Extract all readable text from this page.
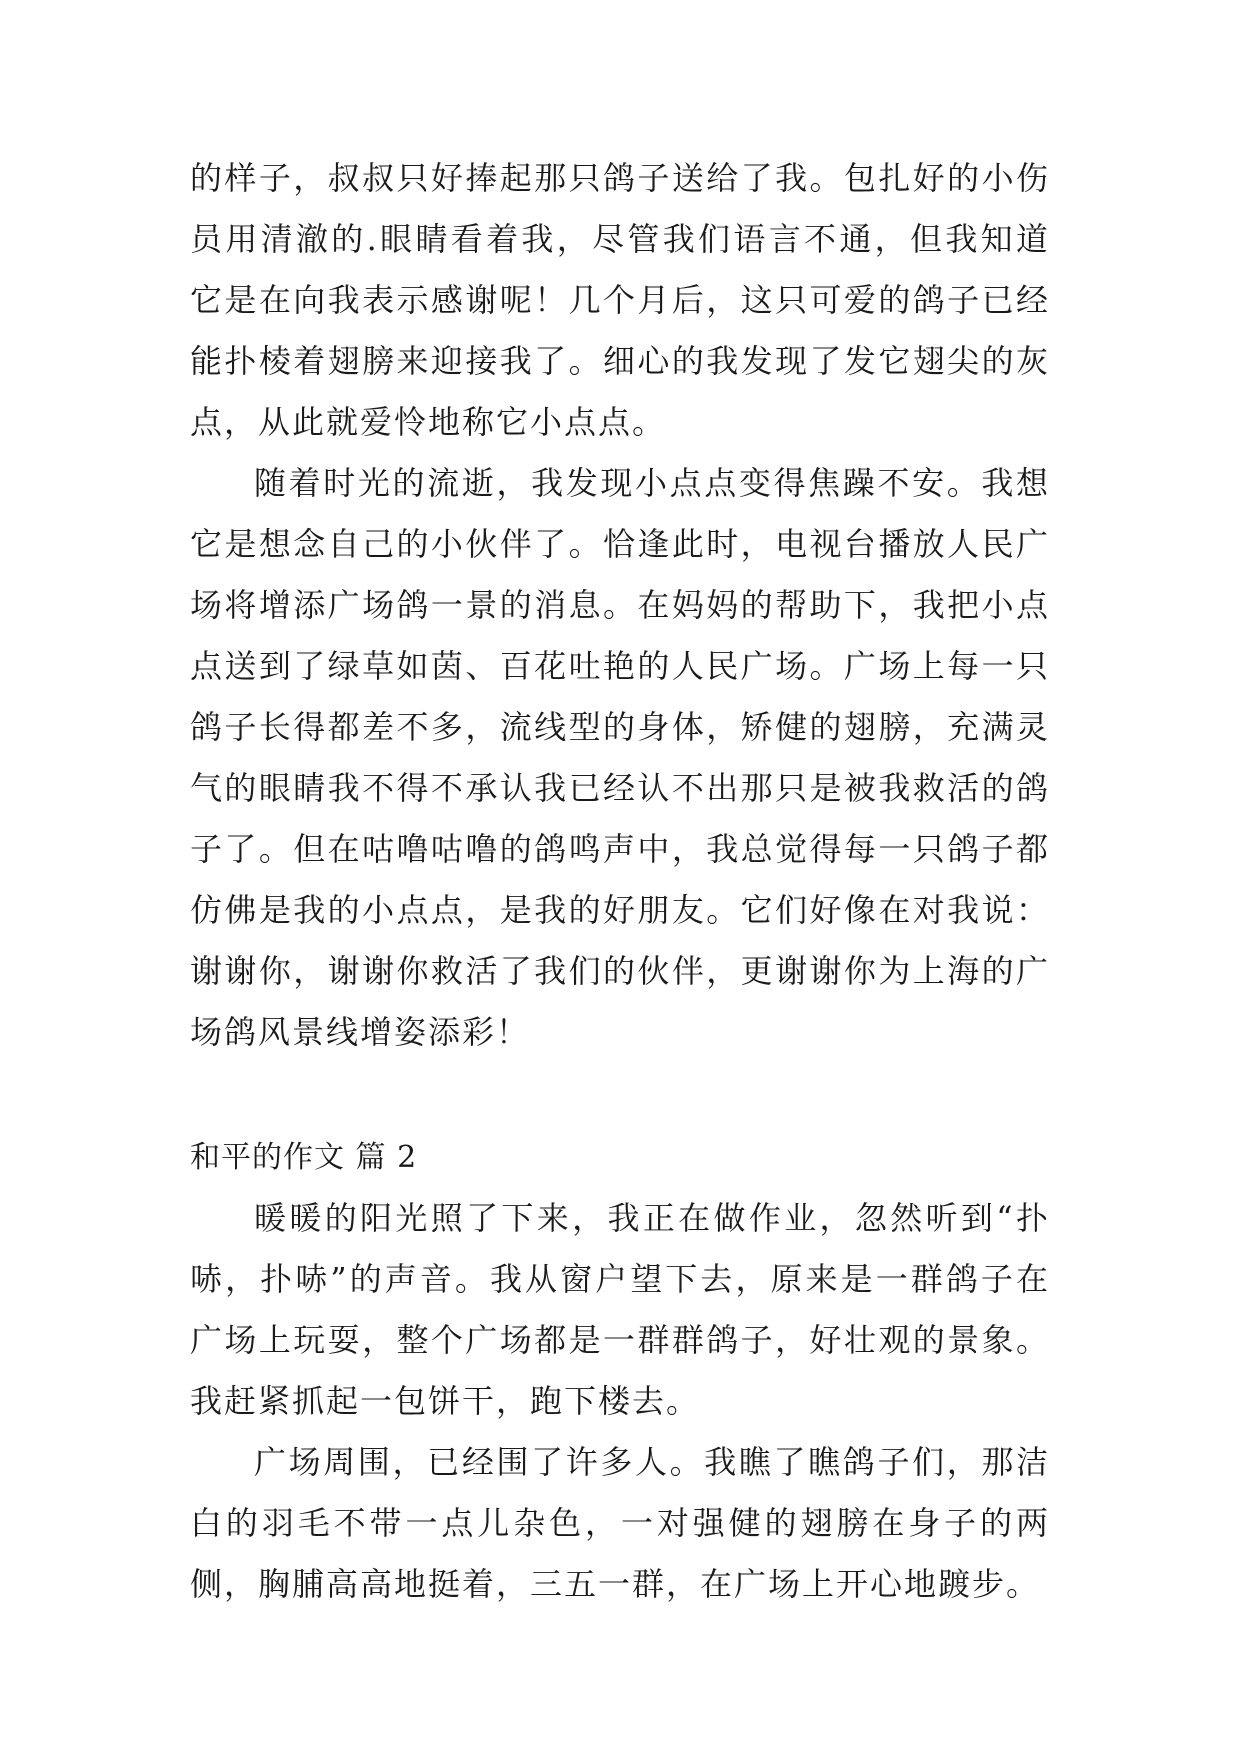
的样子，叔叔只好捧起那只鸽子送给了我。包扎好的小伤员用清澈的.眼睛看着我，尽管我们语言不通，但我知道它是在向我表示感谢呢！几个月后，这只可爱的鸽子已经能扑棱着翅膀来迎接我了。细心的我发现了发它翅尖的灰点，从此就爱怜地称它小点点。

随着时光的流逝，我发现小点点变得焦躁不安。我想它是想念自己的小伙伴了。恰逢此时，电视台播放人民广场将增添广场鸽一景的消息。在妈妈的帮助下，我把小点点送到了绿草如茵、百花吐艳的人民广场。广场上每一只鸽子长得都差不多，流线型的身体，矫健的翅膀，充满灵气的眼睛我不得不承认我已经认不出那只是被我救活的鸽子了。但在咕噜咕噜的鸽鸣声中，我总觉得每一只鸽子都仿佛是我的小点点，是我的好朋友。它们好像在对我说：谢谢你，谢谢你救活了我们的伙伴，更谢谢你为上海的广场鸽风景线增姿添彩！

和平的作文 篇 2

暖暖的阳光照了下来，我正在做作业，忽然听到“扑哧，扑哧”的声音。我从窗户望下去，原来是一群鸽子在广场上玩耍，整个广场都是一群群鸽子，好壮观的景象。我赶紧抓起一包饼干，跑下楼去。

广场周围，已经围了许多人。我瞧了瞧鸽子们，那洁白的羽毛不带一点儿杂色，一对强健的翅膀在身子的两侧，胸脯高高地挺着，三五一群，在广场上开心地踱步。
